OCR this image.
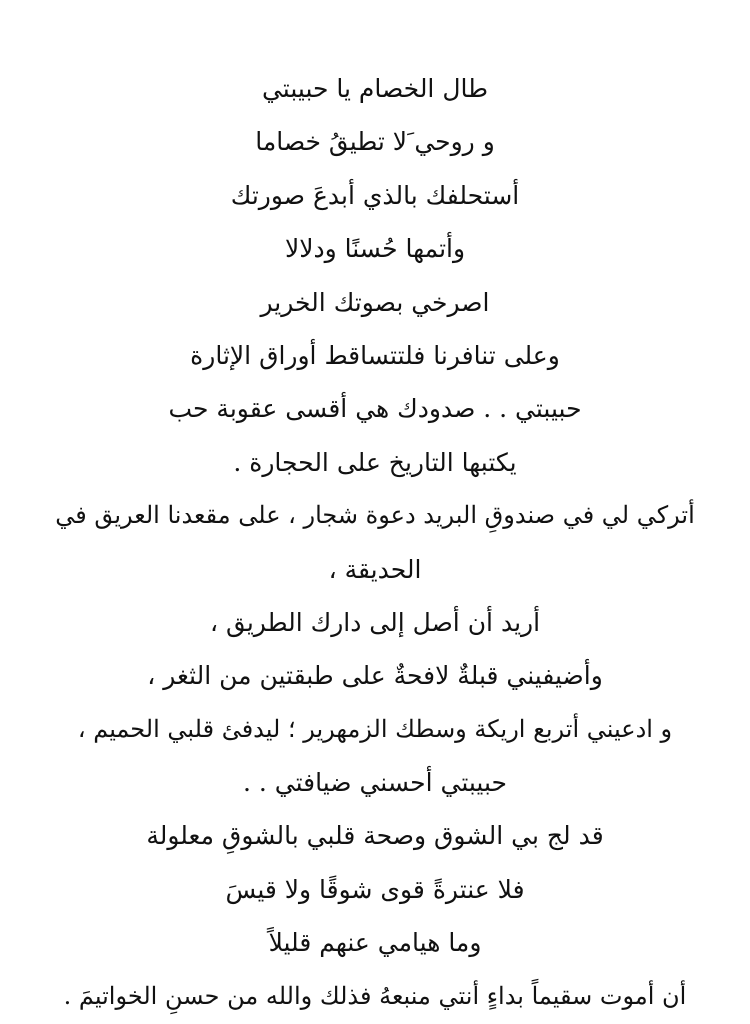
طال الخصام يا حبيبتي
و روحي َلا تطيقُ خصاما
أستحلفك بالذي أبدعَ صورتك
وأتمها حُسنًا ودلالا
اصرخي بصوتك الخرير
وعلى تنافرنا فلتتساقط أوراق الإثارة
حبيبتي . . صدودك هي أقسى عقوبة حب
يكتبها التاريخ على الحجارة .
أتركي لي في صندوقِ البريد دعوة شجار ، على مقعدنا العريق في
الحديقة ،
أريد أن أصل إلى دارك الطريق ،
وأضيفيني قبلةٌ لافحةٌ على طبقتين من الثغر ،
و ادعيني أتربع اريكة وسطك الزمهرير ؛ ليدفئ قلبي الحميم ،
حبيبتي أحسني ضيافتي . .
قد لج بي الشوق وصحة قلبي بالشوقِ معلولة
فلا عنترةً قوى شوقًا ولا قيسَ
وما هيامي عنهم قليلاً
أن أموت سقيماً بداءٍ أنتي منبعهُ فذلك والله من حسنِ الخواتيمَ .
